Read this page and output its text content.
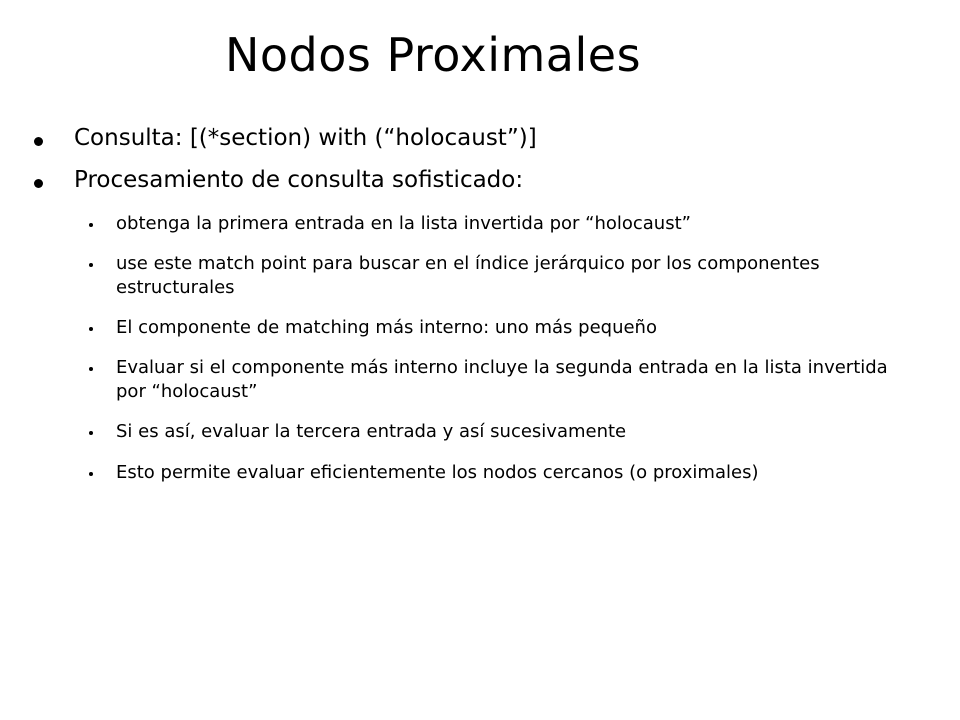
Nodos Proximales
Consulta: [(*section) with (“holocaust”)]
Procesamiento de consulta sofisticado:
obtenga la primera entrada en la lista invertida por “holocaust”
use este match point para buscar en el índice jerárquico por los componentes estructurales
El componente de matching más interno: uno más pequeño
Evaluar si el componente más interno incluye la segunda entrada en la lista invertida por “holocaust”
Si es así, evaluar la tercera entrada y así sucesivamente
Esto permite evaluar eficientemente los nodos cercanos (o proximales)
